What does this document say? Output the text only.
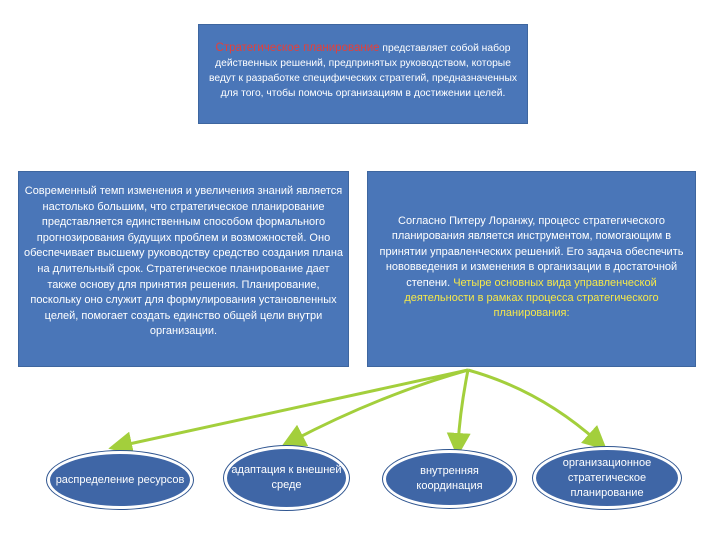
Стратегическое планирование представляет собой набор действенных решений, предпринятых руководством, которые ведут к разработке специфических стратегий, предназначенных для того, чтобы помочь организациям в достижении целей.
Современный темп изменения и увеличения знаний является настолько большим, что стратегическое планирование представляется единственным способом формального прогнозирования будущих проблем и возможностей. Оно обеспечивает высшему руководству средство создания плана на длительный срок. Стратегическое планирование дает также основу для принятия решения. Планирование, поскольку оно служит для формулирования установленных целей, помогает создать единство общей цели внутри организации.
Согласно Питеру Лоранжу, процесс стратегического планирования является инструментом, помогающим в принятии управленческих решений. Его задача обеспечить нововведения и изменения в организации в достаточной степени. Четыре основных вида управленческой деятельности в рамках процесса стратегического планирования:
распределение ресурсов
адаптация к внешней среде
внутренняя координация
организационное стратегическое планирование
